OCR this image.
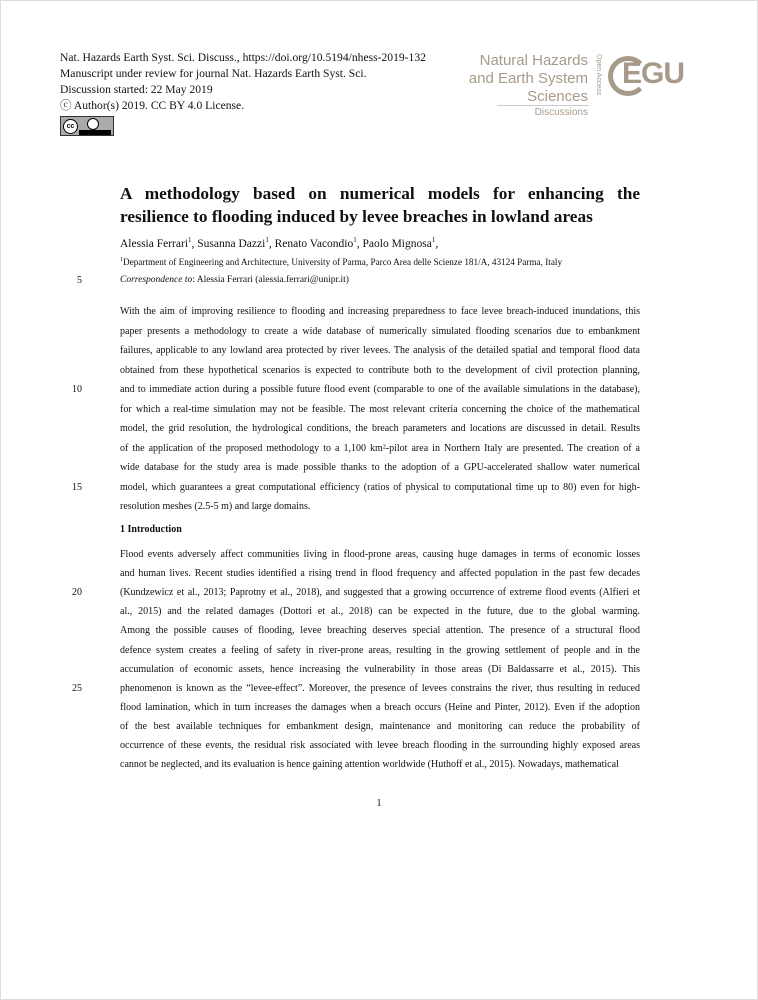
Nat. Hazards Earth Syst. Sci. Discuss., https://doi.org/10.5194/nhess-2019-132
Manuscript under review for journal Nat. Hazards Earth Syst. Sci.
Discussion started: 22 May 2019
ⓒ Author(s) 2019. CC BY 4.0 License.
cc
Natural Hazards
and Earth System
Sciences
Discussions
Open Access EGU
A methodology based on numerical models for enhancing the
resilience to flooding induced by levee breaches in lowland areas
Alessia Ferrari$^1$, Susanna Dazzi$^1$, Renato Vacondio$^1$, Paolo Mignosa$^1$,
$^1$Department of Engineering and Architecture, University of Parma, Parco Area delle Scienze 181/A, 43124 Parma, Italy
5	Correspondence to: Alessia Ferrari (alessia.ferrari@unipr.it)
With the aim of improving resilience to flooding and increasing preparedness to face levee breach-induced inundations, this
paper presents a methodology to create a wide database of numerically simulated flooding scenarios due to embankment
failures, applicable to any lowland area protected by river levees. The analysis of the detailed spatial and temporal flood data
obtained from these hypothetical scenarios is expected to contribute both to the development of civil protection planning,
and to immediate action during a possible future flood event (comparable to one of the available simulations in the database),
10
for which a real-time simulation may not be feasible. The most relevant criteria concerning the choice of the mathematical
model, the grid resolution, the hydrological conditions, the breach parameters and locations are discussed in detail. Results
of the application of the proposed methodology to a 1,100 km²-pilot area in Northern Italy are presented. The creation of a
wide database for the study area is made possible thanks to the adoption of a GPU-accelerated shallow water numerical
model, which guarantees a great computational efficiency (ratios of physical to computational time up to 80) even for high-
15
resolution meshes (2.5-5 m) and large domains.
1 Introduction
Flood events adversely affect communities living in flood-prone areas, causing huge damages in terms of economic losses
and human lives. Recent studies identified a rising trend in flood frequency and affected population in the past few decades
(Kundzewicz et al., 2013; Paprotny et al., 2018), and suggested that a growing occurrence of extreme flood events (Alfieri et
20
al., 2015) and the related damages (Dottori et al., 2018) can be expected in the future, due to the global warming.
Among the possible causes of flooding, levee breaching deserves special attention. The presence of a structural flood
defence system creates a feeling of safety in river-prone areas, resulting in the growing settlement of people and in the
accumulation of economic assets, hence increasing the vulnerability in those areas (Di Baldassarre et al., 2015). This
phenomenon is known as the “levee-effect”. Moreover, the presence of levees constrains the river, thus resulting in reduced
25
flood lamination, which in turn increases the damages when a breach occurs (Heine and Pinter, 2012). Even if the adoption
of the best available techniques for embankment design, maintenance and monitoring can reduce the probability of
occurrence of these events, the residual risk associated with levee breach flooding in the surrounding highly exposed areas
cannot be neglected, and its evaluation is hence gaining attention worldwide (Huthoff et al., 2015). Nowadays, mathematical
1
